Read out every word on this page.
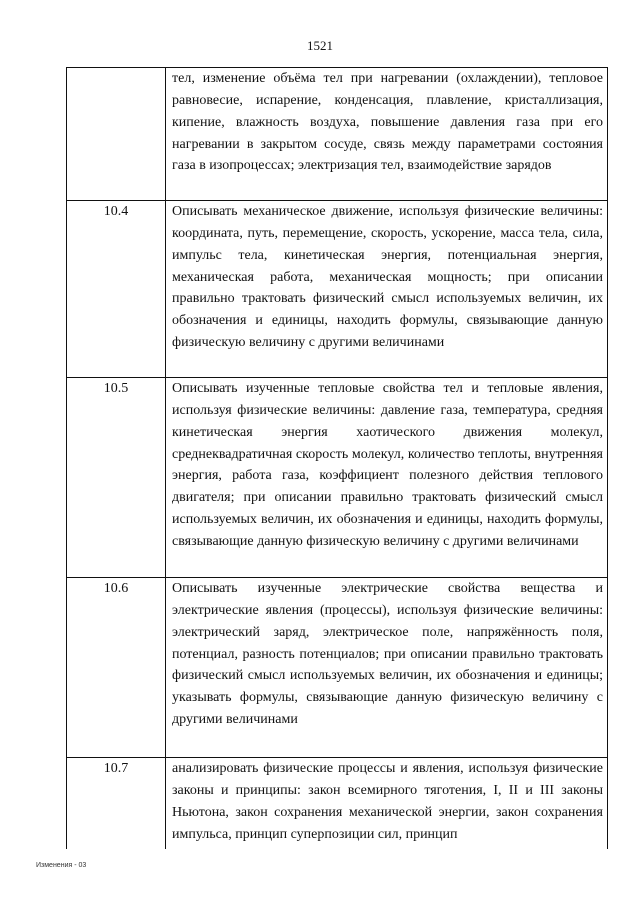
1521
	тел, изменение объёма тел при нагревании (охлаждении), тепловое равновесие, испарение, конденсация, плавление, кристаллизация, кипение, влажность воздуха, повышение давления газа при его нагревании в закрытом сосуде, связь между параметрами состояния газа в изопроцессах; электризация тел, взаимодействие зарядов
10.4	Описывать механическое движение, используя физические величины: координата, путь, перемещение, скорость, ускорение, масса тела, сила, импульс тела, кинетическая энергия, потенциальная энергия, механическая работа, механическая мощность; при описании правильно трактовать физический смысл используемых величин, их обозначения и единицы, находить формулы, связывающие данную физическую величину с другими величинами
10.5	Описывать изученные тепловые свойства тел и тепловые явления, используя физические величины: давление газа, температура, средняя кинетическая энергия хаотического движения молекул, среднеквадратичная скорость молекул, количество теплоты, внутренняя энергия, работа газа, коэффициент полезного действия теплового двигателя; при описании правильно трактовать физический смысл используемых величин, их обозначения и единицы, находить формулы, связывающие данную физическую величину с другими величинами
10.6	Описывать изученные электрические свойства вещества и электрические явления (процессы), используя физические величины: электрический заряд, электрическое поле, напряжённость поля, потенциал, разность потенциалов; при описании правильно трактовать физический смысл используемых величин, их обозначения и единицы; указывать формулы, связывающие данную физическую величину с другими величинами
10.7	анализировать физические процессы и явления, используя физические законы и принципы: закон всемирного тяготения, I, II и III законы Ньютона, закон сохранения механической энергии, закон сохранения импульса, принцип суперпозиции сил, принцип
Изменения - 03
